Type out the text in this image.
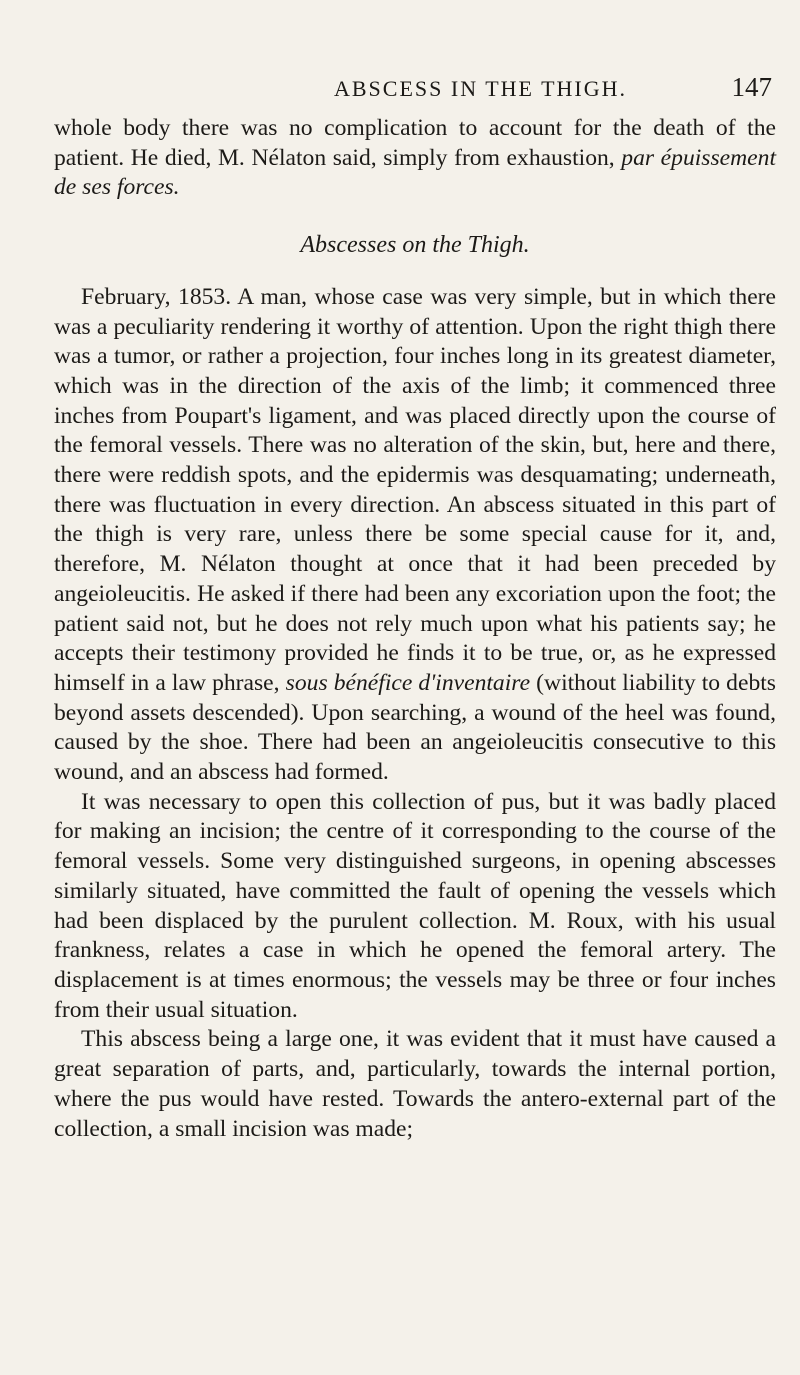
ABSCESS IN THE THIGH.	147

whole body there was no complication to account for the death of the patient. He died, M. Nélaton said, simply from exhaustion, par épuissement de ses forces.

Abscesses on the Thigh.

February, 1853. A man, whose case was very simple, but in which there was a peculiarity rendering it worthy of attention. Upon the right thigh there was a tumor, or rather a projection, four inches long in its greatest diameter, which was in the direction of the axis of the limb; it commenced three inches from Poupart's ligament, and was placed directly upon the course of the femoral vessels. There was no alteration of the skin, but, here and there, there were reddish spots, and the epidermis was desquamating; underneath, there was fluctuation in every direction. An abscess situated in this part of the thigh is very rare, unless there be some special cause for it, and, therefore, M. Nélaton thought at once that it had been preceded by angeioleucitis. He asked if there had been any excoriation upon the foot; the patient said not, but he does not rely much upon what his patients say; he accepts their testimony provided he finds it to be true, or, as he expressed himself in a law phrase, sous bénéfice d'inventaire (without liability to debts beyond assets descended). Upon searching, a wound of the heel was found, caused by the shoe. There had been an angeioleucitis consecutive to this wound, and an abscess had formed.

It was necessary to open this collection of pus, but it was badly placed for making an incision; the centre of it corresponding to the course of the femoral vessels. Some very distinguished surgeons, in opening abscesses similarly situated, have committed the fault of opening the vessels which had been displaced by the purulent collection. M. Roux, with his usual frankness, relates a case in which he opened the femoral artery. The displacement is at times enormous; the vessels may be three or four inches from their usual situation.

This abscess being a large one, it was evident that it must have caused a great separation of parts, and, particularly, towards the internal portion, where the pus would have rested. Towards the antero-external part of the collection, a small incision was made;
